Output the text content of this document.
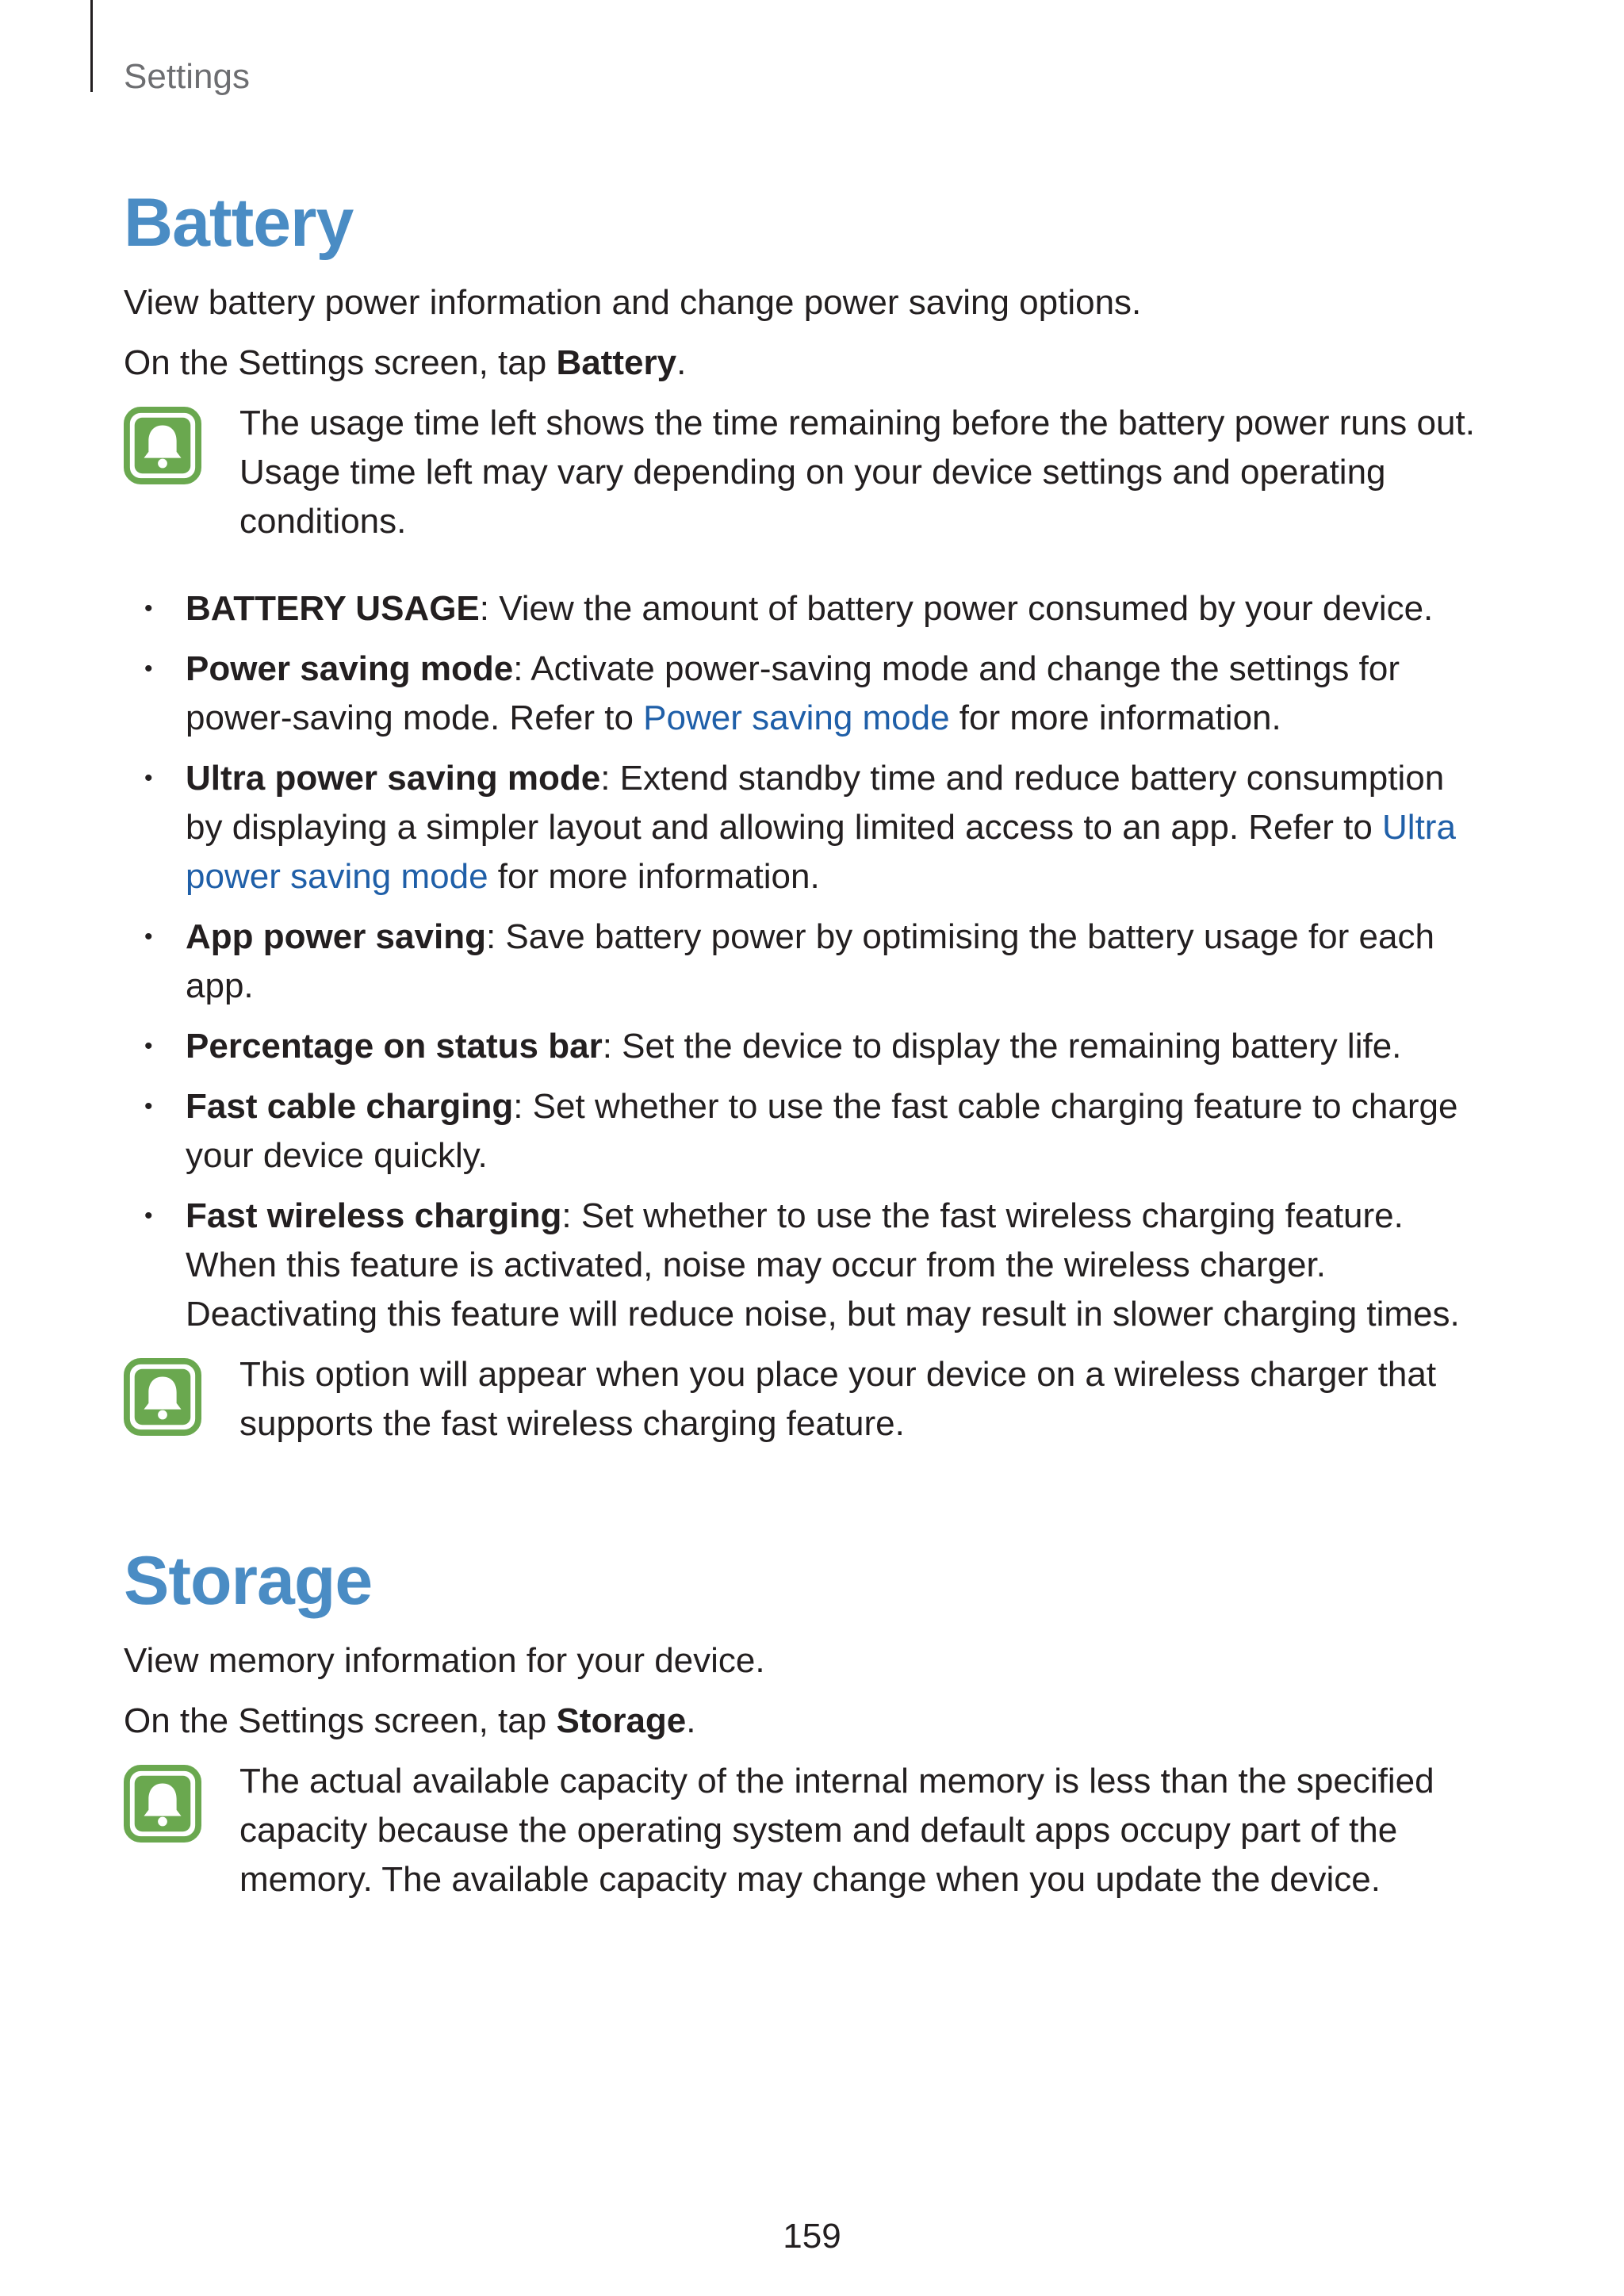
Settings
Battery

View battery power information and change power saving options.

On the Settings screen, tap Battery.

The usage time left shows the time remaining before the battery power runs out. Usage time left may vary depending on your device settings and operating conditions.
• BATTERY USAGE: View the amount of battery power consumed by your device.
• Power saving mode: Activate power-saving mode and change the settings for power-saving mode. Refer to Power saving mode for more information.
• Ultra power saving mode: Extend standby time and reduce battery consumption by displaying a simpler layout and allowing limited access to an app. Refer to Ultra power saving mode for more information.
• App power saving: Save battery power by optimising the battery usage for each app.
• Percentage on status bar: Set the device to display the remaining battery life.
• Fast cable charging: Set whether to use the fast cable charging feature to charge your device quickly.
• Fast wireless charging: Set whether to use the fast wireless charging feature. When this feature is activated, noise may occur from the wireless charger. Deactivating this feature will reduce noise, but may result in slower charging times.
This option will appear when you place your device on a wireless charger that supports the fast wireless charging feature.
Storage

View memory information for your device.

On the Settings screen, tap Storage.

The actual available capacity of the internal memory is less than the specified capacity because the operating system and default apps occupy part of the memory. The available capacity may change when you update the device.
159
